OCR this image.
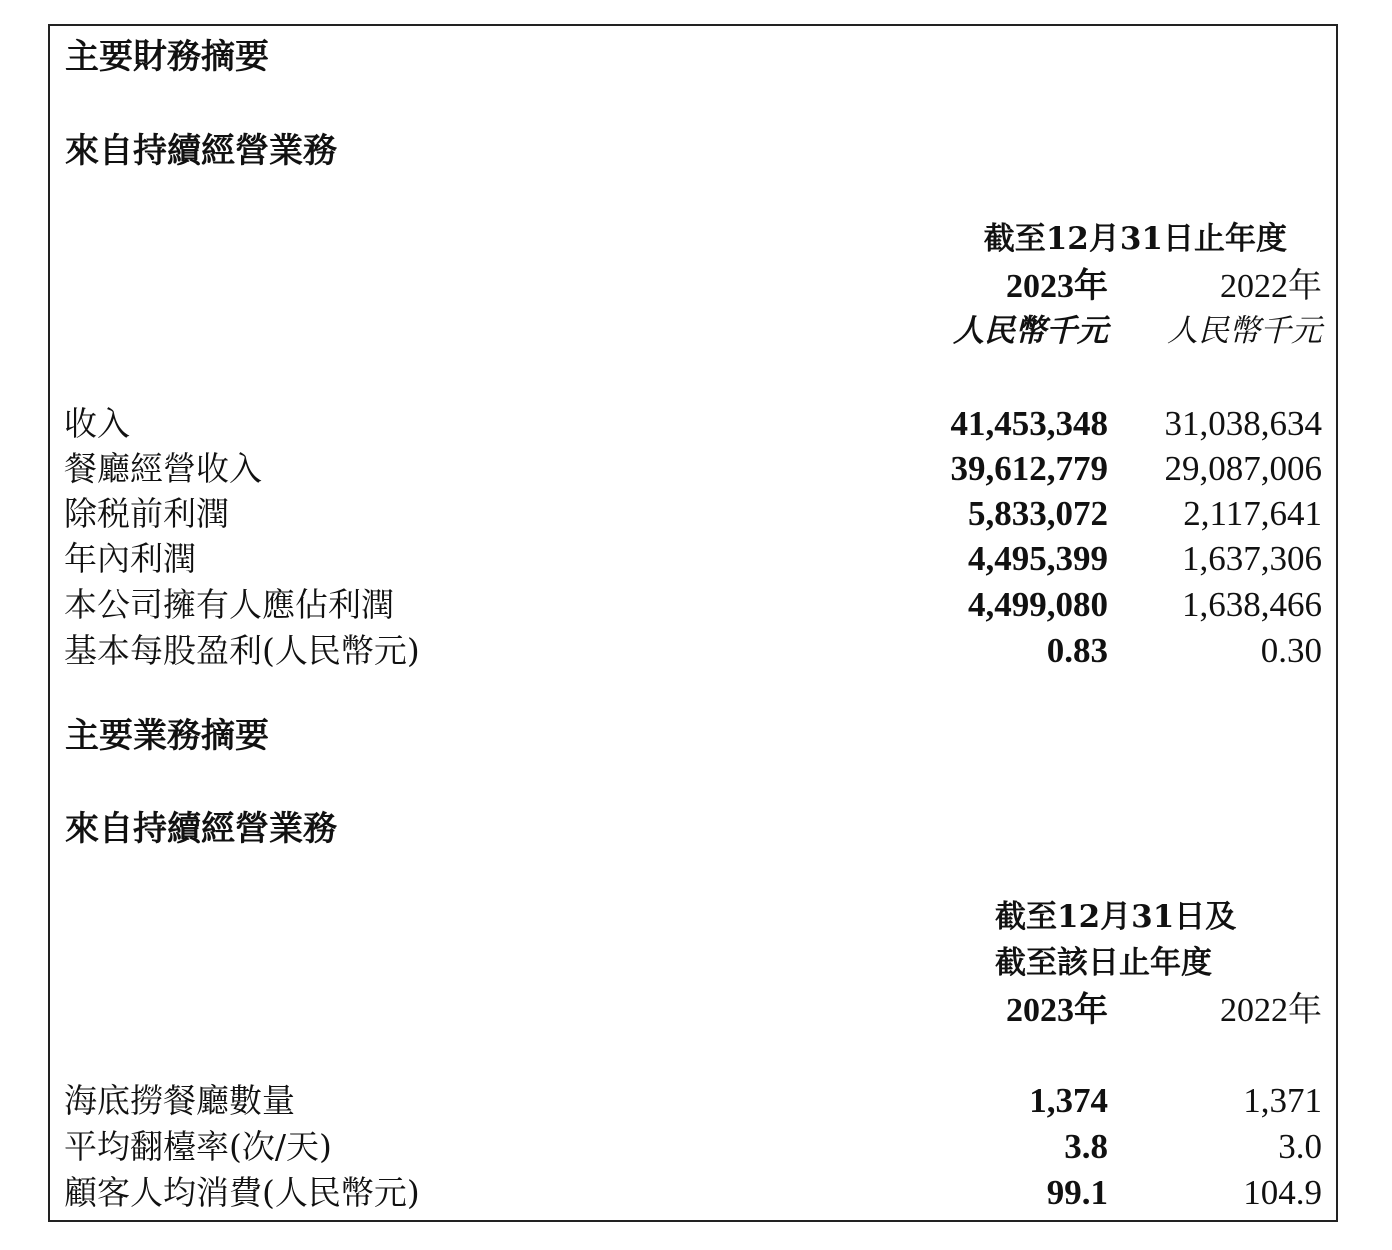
主要財務摘要
來自持續經營業務
截至12月31日止年度
2023年	2022年
人民幣千元 人民幣千元
收入	41,453,348 31,038,634
餐廳經營收入	39,612,779 29,087,006
除税前利潤	5,833,072 2,117,641
年內利潤	4,495,399 1,637,306
本公司擁有人應佔利潤	4,499,080 1,638,466
基本每股盈利(人民幣元)	0.83	0.30
主要業務摘要
來自持續經營業務
截至12月31日及
截至該日止年度
2023年	2022年
海底撈餐廳數量	1,374	1,371
平均翻檯率(次/天)	3.8	3.0
顧客人均消費(人民幣元)	99.1	104.9
